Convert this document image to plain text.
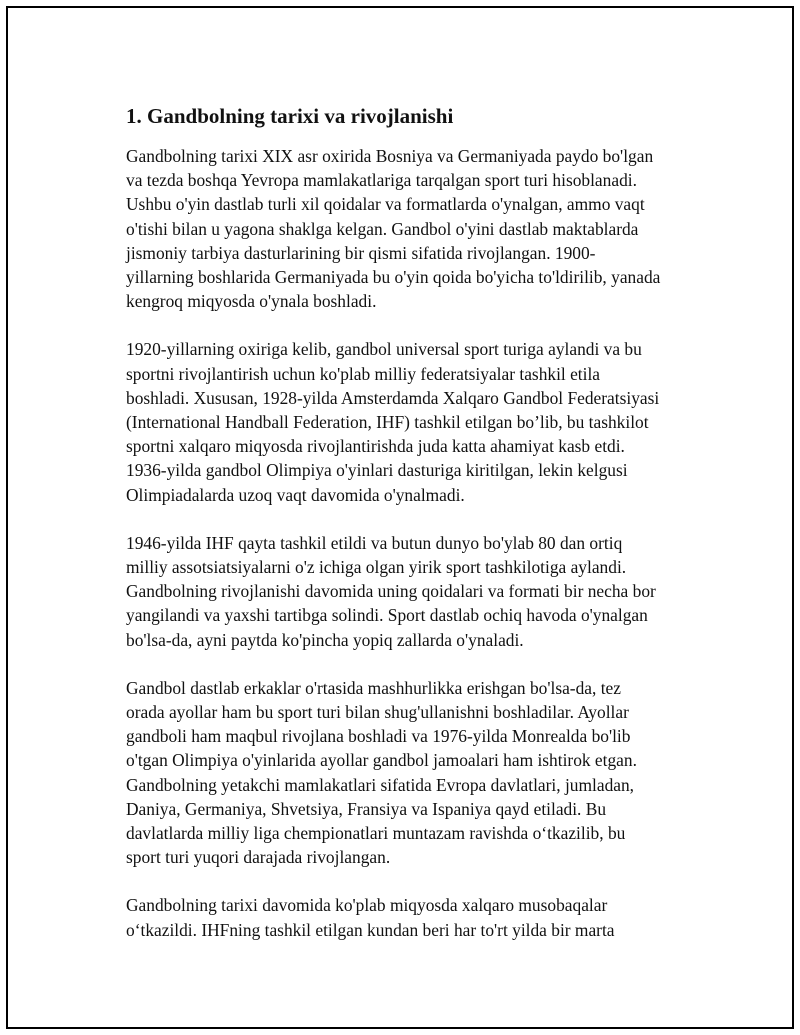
1. Gandbolning tarixi va rivojlanishi

Gandbolning tarixi XIX asr oxirida Bosniya va Germaniyada paydo bo'lgan
va tezda boshqa Yevropa mamlakatlariga tarqalgan sport turi hisoblanadi.
Ushbu o'yin dastlab turli xil qoidalar va formatlarda o'ynalgan, ammo vaqt
o'tishi bilan u yagona shaklga kelgan. Gandbol o'yini dastlab maktablarda
jismoniy tarbiya dasturlarining bir qismi sifatida rivojlangan. 1900-
yillarning boshlarida Germaniyada bu o'yin qoida bo'yicha to'ldirilib, yanada
kengroq miqyosda o'ynala boshladi.

1920-yillarning oxiriga kelib, gandbol universal sport turiga aylandi va bu
sportni rivojlantirish uchun ko'plab milliy federatsiyalar tashkil etila
boshladi. Xususan, 1928-yilda Amsterdamda Xalqaro Gandbol Federatsiyasi
(International Handball Federation, IHF) tashkil etilgan bo’lib, bu tashkilot
sportni xalqaro miqyosda rivojlantirishda juda katta ahamiyat kasb etdi.
1936-yilda gandbol Olimpiya o'yinlari dasturiga kiritilgan, lekin kelgusi
Olimpiadalarda uzoq vaqt davomida o'ynalmadi.

1946-yilda IHF qayta tashkil etildi va butun dunyo bo'ylab 80 dan ortiq
milliy assotsiatsiyalarni o'z ichiga olgan yirik sport tashkilotiga aylandi.
Gandbolning rivojlanishi davomida uning qoidalari va formati bir necha bor
yangilandi va yaxshi tartibga solindi. Sport dastlab ochiq havoda o'ynalgan
bo'lsa-da, ayni paytda ko'pincha yopiq zallarda o'ynaladi.

Gandbol dastlab erkaklar o'rtasida mashhurlikka erishgan bo'lsa-da, tez
orada ayollar ham bu sport turi bilan shug'ullanishni boshladilar. Ayollar
gandboli ham maqbul rivojlana boshladi va 1976-yilda Monrealda bo'lib
o'tgan Olimpiya o'yinlarida ayollar gandbol jamoalari ham ishtirok etgan.
Gandbolning yetakchi mamlakatlari sifatida Evropa davlatlari, jumladan,
Daniya, Germaniya, Shvetsiya, Fransiya va Ispaniya qayd etiladi. Bu
davlatlarda milliy liga chempionatlari muntazam ravishda o‘tkazilib, bu
sport turi yuqori darajada rivojlangan.

Gandbolning tarixi davomida ko'plab miqyosda xalqaro musobaqalar
o‘tkazildi. IHFning tashkil etilgan kundan beri har to'rt yilda bir marta
